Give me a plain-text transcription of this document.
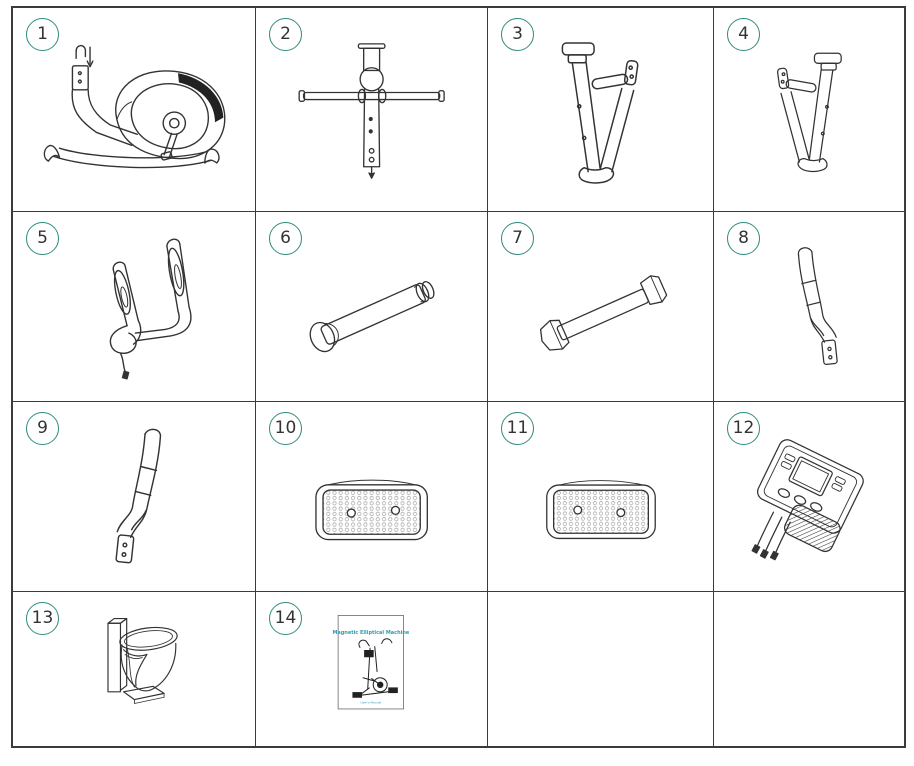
1	2	3	4
5	6	7	8
9	10	11	12
13	14
Magnetic Elliptical Machine
User's Manual
